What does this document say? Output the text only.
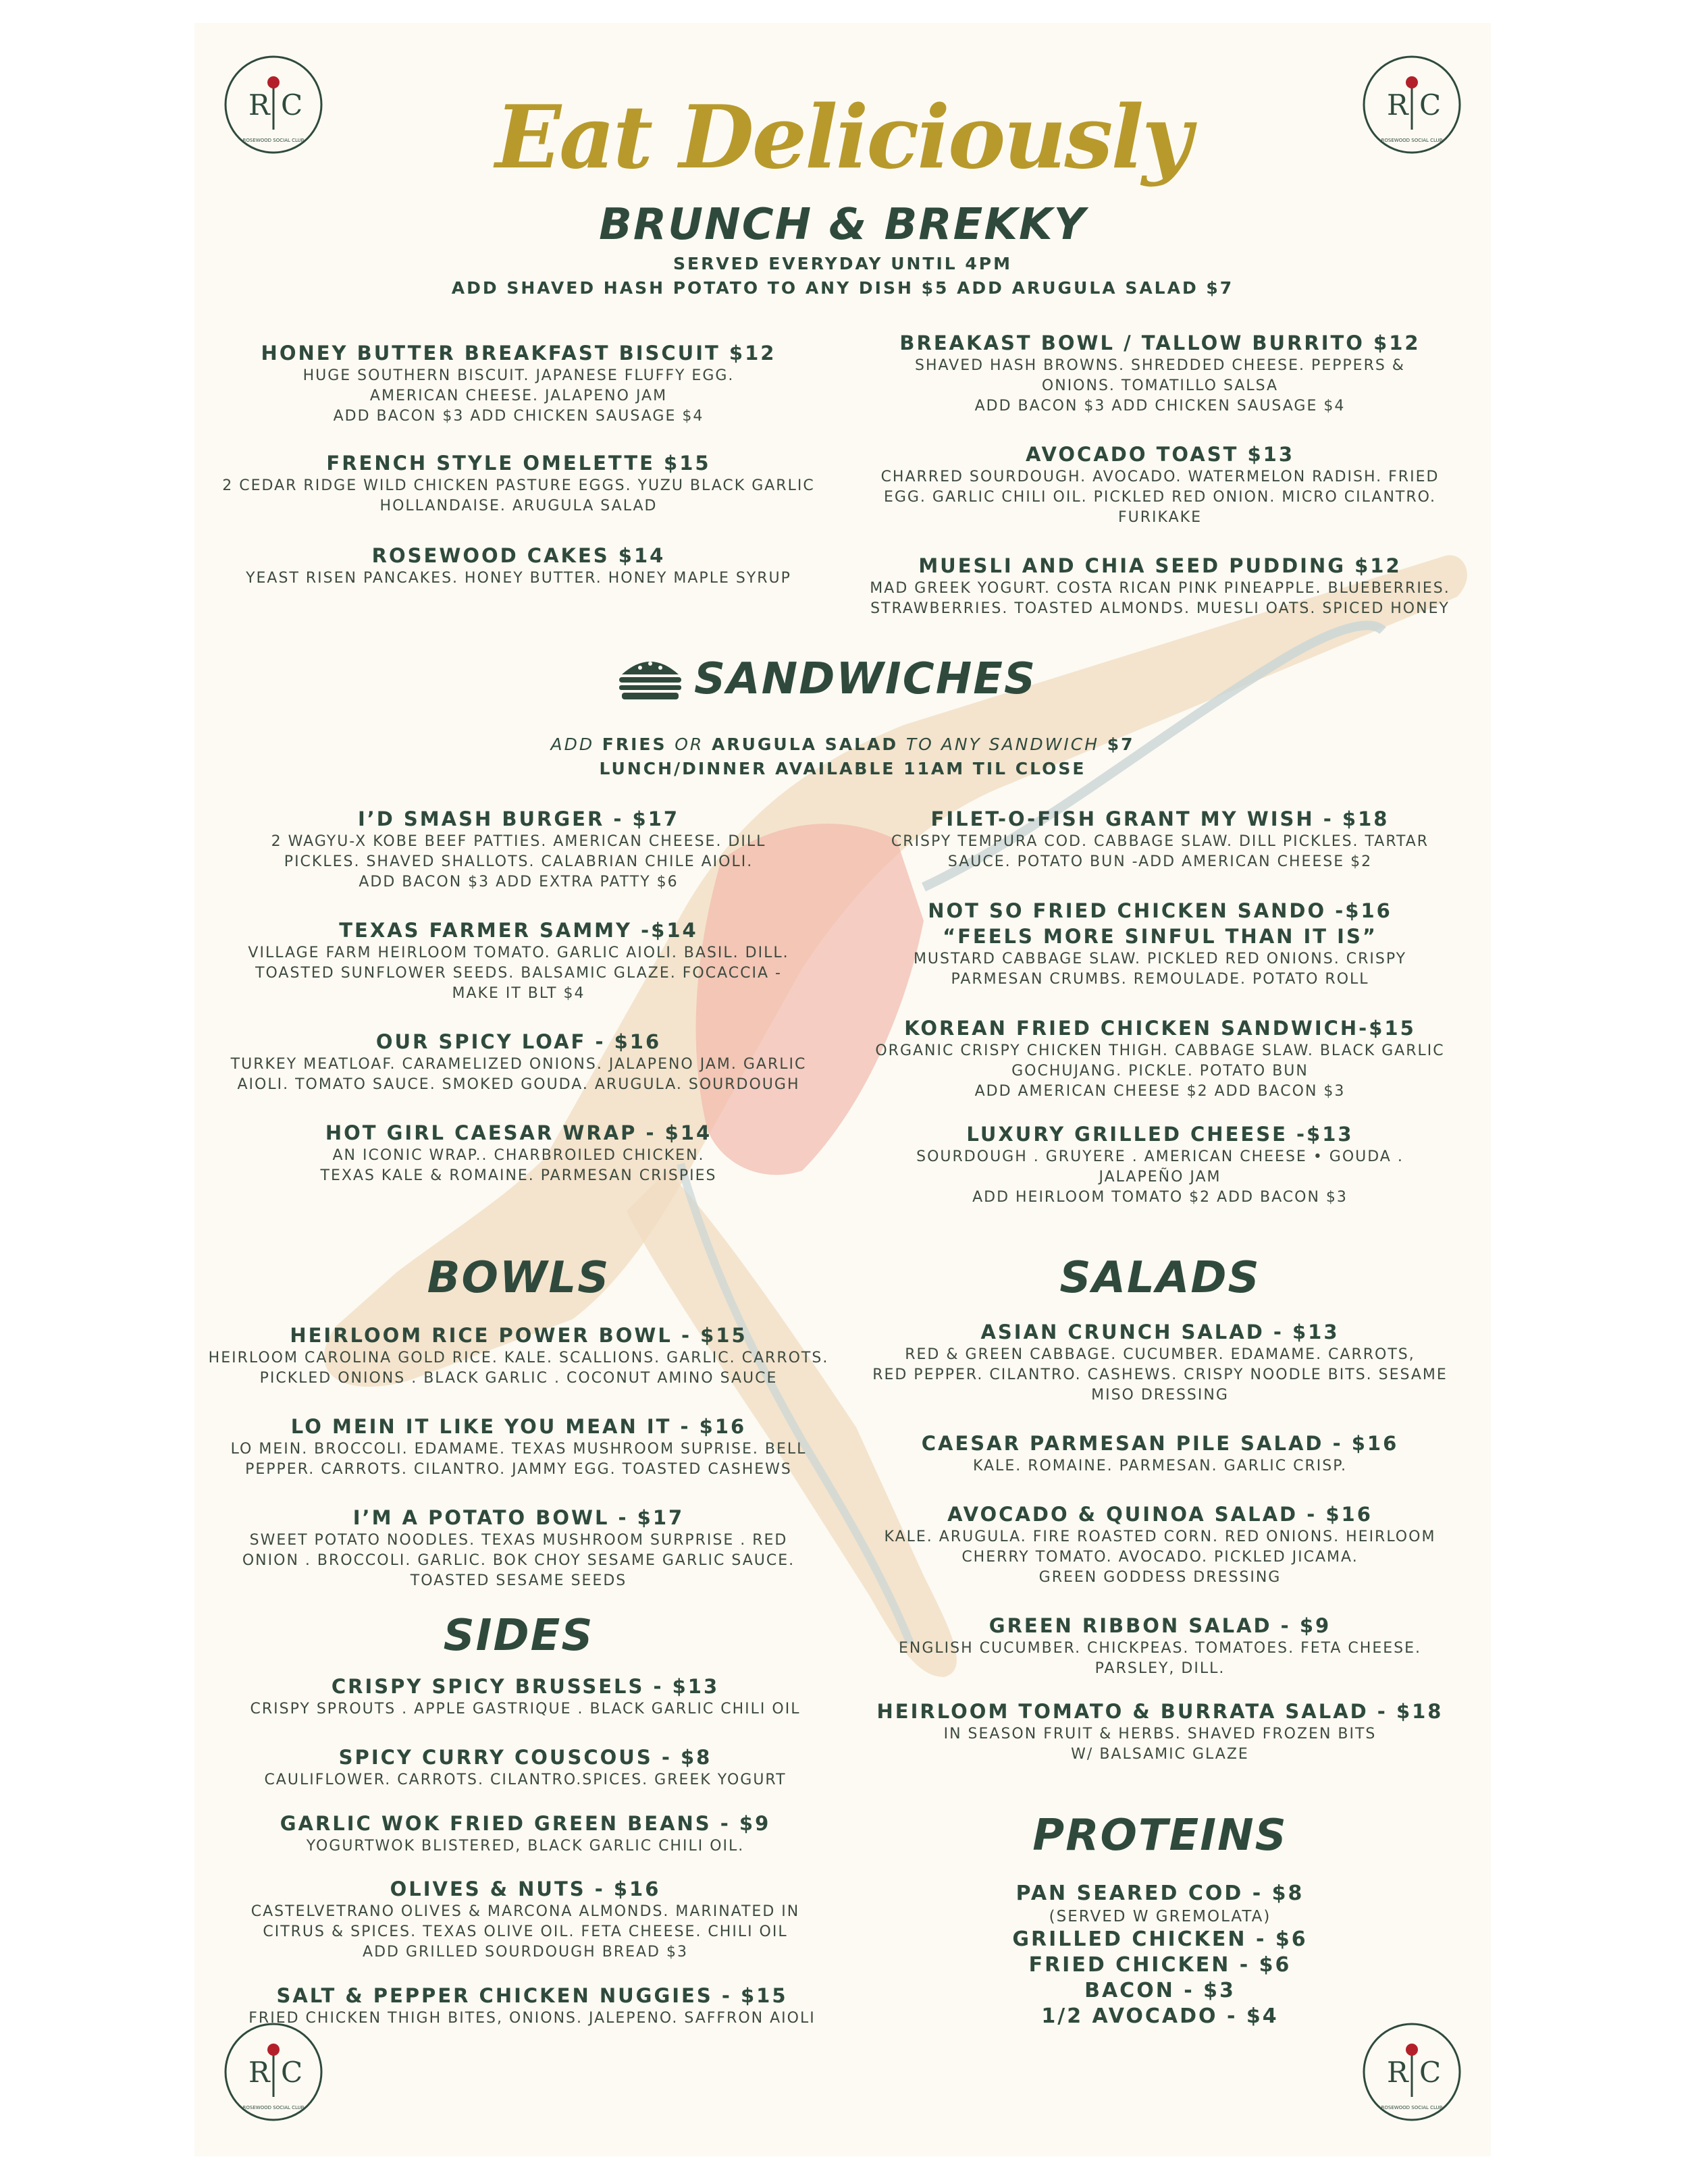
R C
ROSEWOOD SOCIAL CLUB
R C
ROSEWOOD SOCIAL CLUB
R C
ROSEWOOD SOCIAL CLUB
R C
ROSEWOOD SOCIAL CLUB
Eat Deliciously
BRUNCH & BREKKY
SERVED EVERYDAY UNTIL 4PM
ADD SHAVED HASH POTATO TO ANY DISH $5 ADD ARUGULA SALAD $7
HONEY BUTTER BREAKFAST BISCUIT $12
HUGE SOUTHERN BISCUIT. JAPANESE FLUFFY EGG.
AMERICAN CHEESE. JALAPENO JAM
ADD BACON $3 ADD CHICKEN SAUSAGE $4
FRENCH STYLE OMELETTE $15
2 CEDAR RIDGE WILD CHICKEN PASTURE EGGS. YUZU BLACK GARLIC
HOLLANDAISE. ARUGULA SALAD
ROSEWOOD CAKES $14
YEAST RISEN PANCAKES. HONEY BUTTER. HONEY MAPLE SYRUP
BREAKAST BOWL / TALLOW BURRITO $12
SHAVED HASH BROWNS. SHREDDED CHEESE. PEPPERS &
ONIONS. TOMATILLO SALSA
ADD BACON $3 ADD CHICKEN SAUSAGE $4
AVOCADO TOAST $13
CHARRED SOURDOUGH. AVOCADO. WATERMELON RADISH. FRIED
EGG. GARLIC CHILI OIL. PICKLED RED ONION. MICRO CILANTRO.
FURIKAKE
MUESLI AND CHIA SEED PUDDING $12
MAD GREEK YOGURT. COSTA RICAN PINK PINEAPPLE. BLUEBERRIES.
STRAWBERRIES. TOASTED ALMONDS. MUESLI OATS. SPICED HONEY
SANDWICHES
ADD FRIES OR ARUGULA SALAD TO ANY SANDWICH $7
LUNCH/DINNER AVAILABLE 11AM TIL CLOSE
I’D SMASH BURGER - $17
2 WAGYU-X KOBE BEEF PATTIES. AMERICAN CHEESE. DILL
PICKLES. SHAVED SHALLOTS. CALABRIAN CHILE AIOLI.
ADD BACON $3 ADD EXTRA PATTY $6
TEXAS FARMER SAMMY -$14
VILLAGE FARM HEIRLOOM TOMATO. GARLIC AIOLI. BASIL. DILL.
TOASTED SUNFLOWER SEEDS. BALSAMIC GLAZE. FOCACCIA -
MAKE IT BLT $4
OUR SPICY LOAF - $16
TURKEY MEATLOAF. CARAMELIZED ONIONS. JALAPENO JAM. GARLIC
AIOLI. TOMATO SAUCE. SMOKED GOUDA. ARUGULA. SOURDOUGH
HOT GIRL CAESAR WRAP - $14
AN ICONIC WRAP.. CHARBROILED CHICKEN.
TEXAS KALE & ROMAINE. PARMESAN CRISPIES
FILET-O-FISH GRANT MY WISH - $18
CRISPY TEMPURA COD. CABBAGE SLAW. DILL PICKLES. TARTAR
SAUCE. POTATO BUN -ADD AMERICAN CHEESE $2
NOT SO FRIED CHICKEN SANDO -$16
“FEELS MORE SINFUL THAN IT IS”
MUSTARD CABBAGE SLAW. PICKLED RED ONIONS. CRISPY
PARMESAN CRUMBS. REMOULADE. POTATO ROLL
KOREAN FRIED CHICKEN SANDWICH-$15
ORGANIC CRISPY CHICKEN THIGH. CABBAGE SLAW. BLACK GARLIC
GOCHUJANG. PICKLE. POTATO BUN
ADD AMERICAN CHEESE $2 ADD BACON $3
LUXURY GRILLED CHEESE -$13
SOURDOUGH . GRUYERE . AMERICAN CHEESE • GOUDA .
JALAPEÑO JAM
ADD HEIRLOOM TOMATO $2 ADD BACON $3
BOWLS
HEIRLOOM RICE POWER BOWL - $15
HEIRLOOM CAROLINA GOLD RICE. KALE. SCALLIONS. GARLIC. CARROTS.
PICKLED ONIONS . BLACK GARLIC . COCONUT AMINO SAUCE
LO MEIN IT LIKE YOU MEAN IT - $16
LO MEIN. BROCCOLI. EDAMAME. TEXAS MUSHROOM SUPRISE. BELL
PEPPER. CARROTS. CILANTRO. JAMMY EGG. TOASTED CASHEWS
I’M A POTATO BOWL - $17
SWEET POTATO NOODLES. TEXAS MUSHROOM SURPRISE . RED
ONION . BROCCOLI. GARLIC. BOK CHOY SESAME GARLIC SAUCE.
TOASTED SESAME SEEDS
SIDES
CRISPY SPICY BRUSSELS - $13
CRISPY SPROUTS . APPLE GASTRIQUE . BLACK GARLIC CHILI OIL
SPICY CURRY COUSCOUS - $8
CAULIFLOWER. CARROTS. CILANTRO.SPICES. GREEK YOGURT
GARLIC WOK FRIED GREEN BEANS - $9
YOGURTWOK BLISTERED, BLACK GARLIC CHILI OIL.
OLIVES & NUTS - $16
CASTELVETRANO OLIVES & MARCONA ALMONDS. MARINATED IN
CITRUS & SPICES. TEXAS OLIVE OIL. FETA CHEESE. CHILI OIL
ADD GRILLED SOURDOUGH BREAD $3
SALT & PEPPER CHICKEN NUGGIES - $15
FRIED CHICKEN THIGH BITES, ONIONS. JALEPENO. SAFFRON AIOLI
SALADS
ASIAN CRUNCH SALAD - $13
RED & GREEN CABBAGE. CUCUMBER. EDAMAME. CARROTS,
RED PEPPER. CILANTRO. CASHEWS. CRISPY NOODLE BITS. SESAME
MISO DRESSING
CAESAR PARMESAN PILE SALAD - $16
KALE. ROMAINE. PARMESAN. GARLIC CRISP.
AVOCADO & QUINOA SALAD - $16
KALE. ARUGULA. FIRE ROASTED CORN. RED ONIONS. HEIRLOOM
CHERRY TOMATO. AVOCADO. PICKLED JICAMA.
GREEN GODDESS DRESSING
GREEN RIBBON SALAD - $9
ENGLISH CUCUMBER. CHICKPEAS. TOMATOES. FETA CHEESE.
PARSLEY, DILL.
HEIRLOOM TOMATO & BURRATA SALAD - $18
IN SEASON FRUIT & HERBS. SHAVED FROZEN BITS
W/ BALSAMIC GLAZE
PROTEINS
PAN SEARED COD - $8
(SERVED W GREMOLATA)
GRILLED CHICKEN - $6
FRIED CHICKEN - $6
BACON - $3
1/2 AVOCADO - $4
